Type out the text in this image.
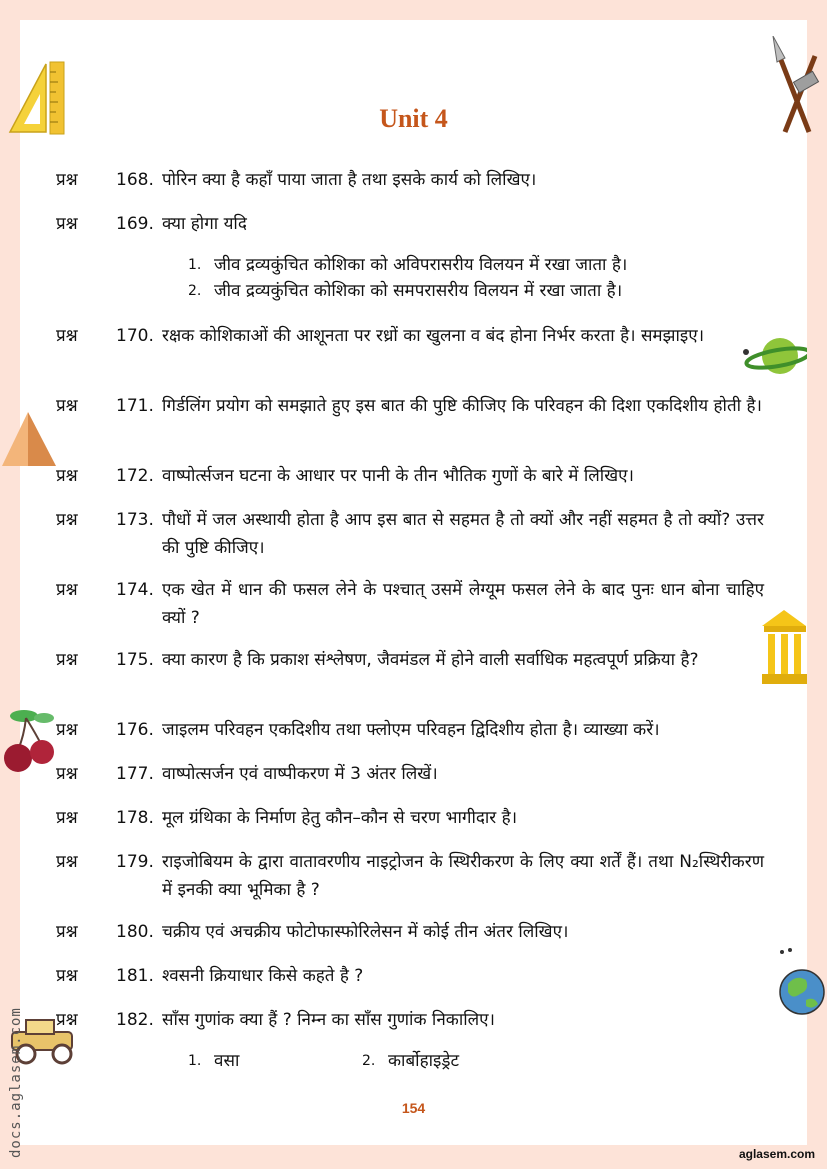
Unit 4
प्रश्न 168. पोरिन क्या है कहाँ पाया जाता है तथा इसके कार्य को लिखिए।
प्रश्न 169. क्या होगा यदि
1. जीव द्रव्यकुंचित कोशिका को अविपरासरीय विलयन में रखा जाता है।
2. जीव द्रव्यकुंचित कोशिका को समपरासरीय विलयन में रखा जाता है।
प्रश्न 170. रक्षक कोशिकाओं की आशूनता पर रध्रों का खुलना व बंद होना निर्भर करता है। समझाइए।
प्रश्न 171. गिर्डलिंग प्रयोग को समझाते हुए इस बात की पुष्टि कीजिए कि परिवहन की दिशा एकदिशीय होती है।
प्रश्न 172. वाष्पोर्त्सजन घटना के आधार पर पानी के तीन भौतिक गुणों के बारे में लिखिए।
प्रश्न 173. पौधों में जल अस्थायी होता है आप इस बात से सहमत है तो क्यों और नहीं सहमत है तो क्यों? उत्तर की पुष्टि कीजिए।
प्रश्न 174. एक खेत में धान की फसल लेने के पश्चात् उसमें लेग्यूम फसल लेने के बाद पुनः धान बोना चाहिए क्यों ?
प्रश्न 175. क्या कारण है कि प्रकाश संश्लेषण, जैवमंडल में होने वाली सर्वाधिक महत्वपूर्ण प्रक्रिया है?
प्रश्न 176. जाइलम परिवहन एकदिशीय तथा फ्लोएम परिवहन द्विदिशीय होता है। व्याख्या करें।
प्रश्न 177. वाष्पोत्सर्जन एवं वाष्पीकरण में 3 अंतर लिखें।
प्रश्न 178. मूल ग्रंथिका के निर्माण हेतु कौन–कौन से चरण भागीदार है।
प्रश्न 179. राइजोबियम के द्वारा वातावरणीय नाइट्रोजन के स्थिरीकरण के लिए क्या शर्तें हैं। तथा N₂स्थिरीकरण में इनकी क्या भूमिका है ?
प्रश्न 180. चक्रीय एवं अचक्रीय फोटोफास्फोरिलेसन में कोई तीन अंतर लिखिए।
प्रश्न 181. श्वसनी क्रियाधार किसे कहते है ?
प्रश्न 182. साँस गुणांक क्या हैं ? निम्न का साँस गुणांक निकालिए।
1. वसा	2. कार्बोहाइड्रेट
154
docs.aglasem.com	aglasem.com
